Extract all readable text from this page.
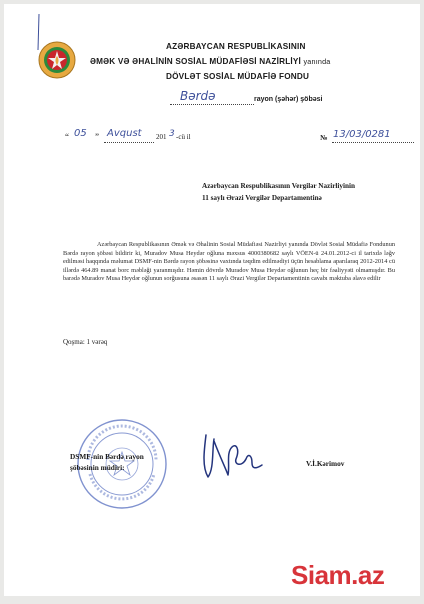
AZƏRBAYCAN RESPUBLİKASININ
ƏMƏK VƏ ƏHALİNİN SOSİAL MÜDAFİƏSİ NAZİRLİYİ yanında
DÖVLƏT SOSİAL MÜDAFİƏ FONDU
Bərdə	rayon (şəhər) şöbəsi
“ 05 ” Avqust 201 3 -cü il	№ 13/03/0281
Azərbaycan Respublikasının Vergilər Nazirliyinin
11 saylı Ərazi Vergilər Departamentinə
Azərbaycan Respublikasının Əmək və Əhalinin Sosial Müdafiəsi Nazirliyi yanında Dövlət Sosial Müdafiə Fondunun Bərdə rayon şöbəsi bildirir ki, Muradov Musa Heydər oğluna məxsus 4000380682 saylı VÖEN-ü 24.01.2012-ci il tarixdə ləğv edilməsi haqqında məlumat DSMF-nin Bərdə rayon şöbəsinə vaxtında təqdim edilmədiyi üçün hesablama aparılaraq 2012-2014 cü illərdə 464.89 manat borc məbləği yaranmışdır. Həmin dövrdə Muradov Musa Heydər oğlunun heç bir fəaliyyəti olmamışdır. Bu barədə Muradov Musa Heydər oğlunun sorğusuna əsasən 11 saylı Ərazi Vergilər Departamentinin cavabı məktuba əlavə edilir
Qoşma: 1 vərəq
DSMF-nin Bərdə rayon
şöbəsinin müdiri:	V.İ.Kərimov
Siam.az
